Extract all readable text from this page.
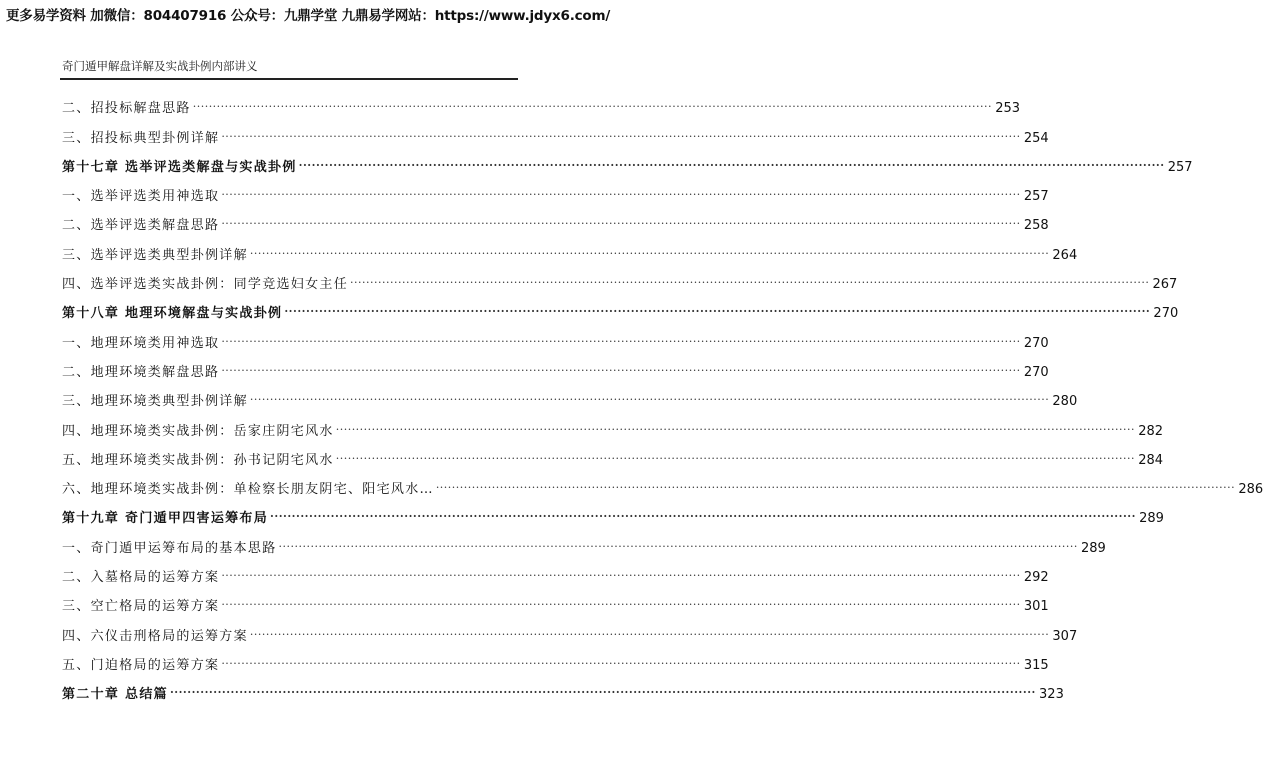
更多易学资料 加微信：804407916 公众号：九鼎学堂 九鼎易学网站：https://www.jdyx6.com/
奇门遁甲解盘详解及实战卦例内部讲义
二、招投标解盘思路 ········································································································································································································ 253
三、招投标典型卦例详解 ········································································································································································································ 254
第十七章 选举评选类解盘与实战卦例 ········································································································································································································ 257
一、选举评选类用神选取 ········································································································································································································ 257
二、选举评选类解盘思路 ········································································································································································································ 258
三、选举评选类典型卦例详解 ········································································································································································································ 264
四、选举评选类实战卦例：同学竞选妇女主任 ········································································································································································································ 267
第十八章 地理环境解盘与实战卦例 ········································································································································································································ 270
一、地理环境类用神选取 ········································································································································································································ 270
二、地理环境类解盘思路 ········································································································································································································ 270
三、地理环境类典型卦例详解 ········································································································································································································ 280
四、地理环境类实战卦例：岳家庄阴宅风水 ········································································································································································································ 282
五、地理环境类实战卦例：孙书记阴宅风水 ········································································································································································································ 284
六、地理环境类实战卦例：单检察长朋友阴宅、阳宅风水… ········································································································································································································ 286
第十九章 奇门遁甲四害运筹布局 ········································································································································································································ 289
一、奇门遁甲运筹布局的基本思路 ········································································································································································································ 289
二、入墓格局的运筹方案 ········································································································································································································ 292
三、空亡格局的运筹方案 ········································································································································································································ 301
四、六仪击刑格局的运筹方案 ········································································································································································································ 307
五、门迫格局的运筹方案 ········································································································································································································ 315
第二十章 总结篇 ········································································································································································································ 323
